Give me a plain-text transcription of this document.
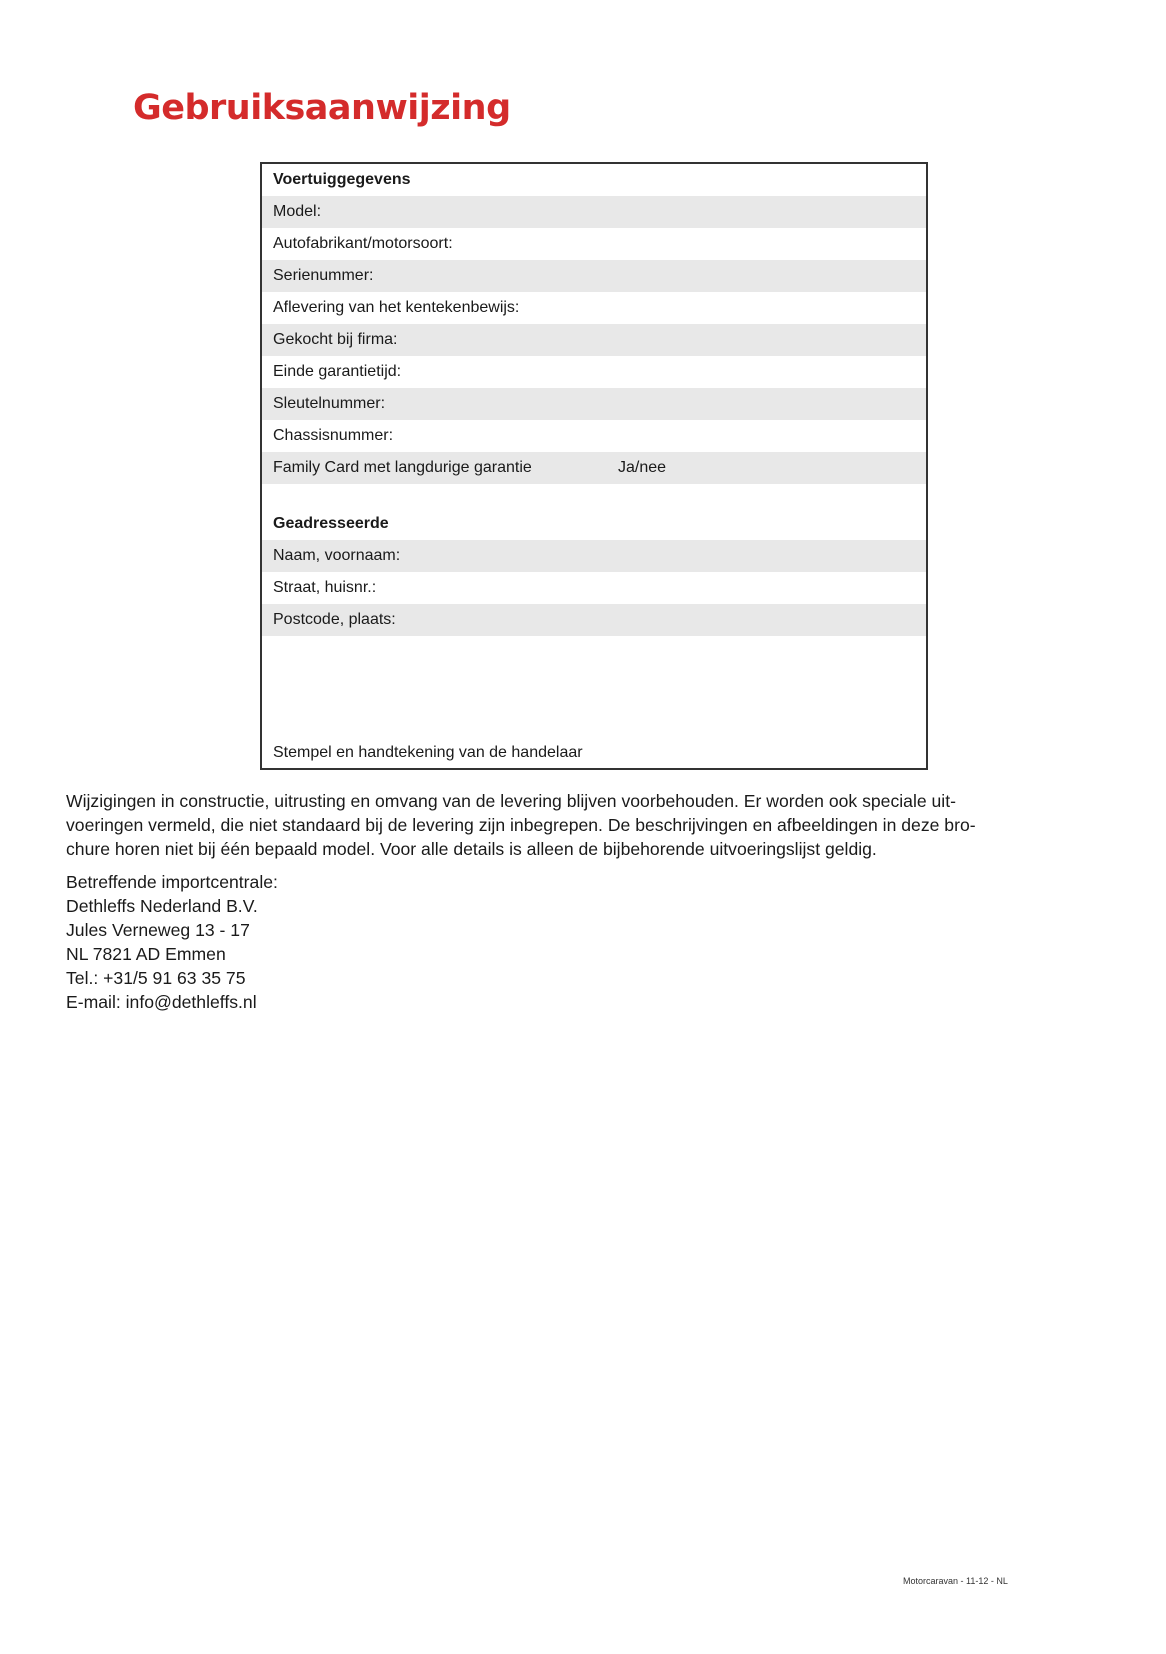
Gebruiksaanwijzing
Voertuiggegevens
Model:
Autofabrikant/motorsoort:
Serienummer:
Aflevering van het kentekenbewijs:
Gekocht bij firma:
Einde garantietijd:
Sleutelnummer:
Chassisnummer:
Family Card met langdurige garantie	Ja/nee
Geadresseerde
Naam, voornaam:
Straat, huisnr.:
Postcode, plaats:
Stempel en handtekening van de handelaar

Wijzigingen in constructie, uitrusting en omvang van de levering blijven voorbehouden. Er worden ook speciale uit-
voeringen vermeld, die niet standaard bij de levering zijn inbegrepen. De beschrijvingen en afbeeldingen in deze bro-
chure horen niet bij één bepaald model. Voor alle details is alleen de bijbehorende uitvoeringslijst geldig.

Betreffende importcentrale:
Dethleffs Nederland B.V.
Jules Verneweg 13 - 17
NL 7821 AD Emmen
Tel.: +31/5 91 63 35 75
E-mail: info@dethleffs.nl
Motorcaravan - 11-12 - NL
